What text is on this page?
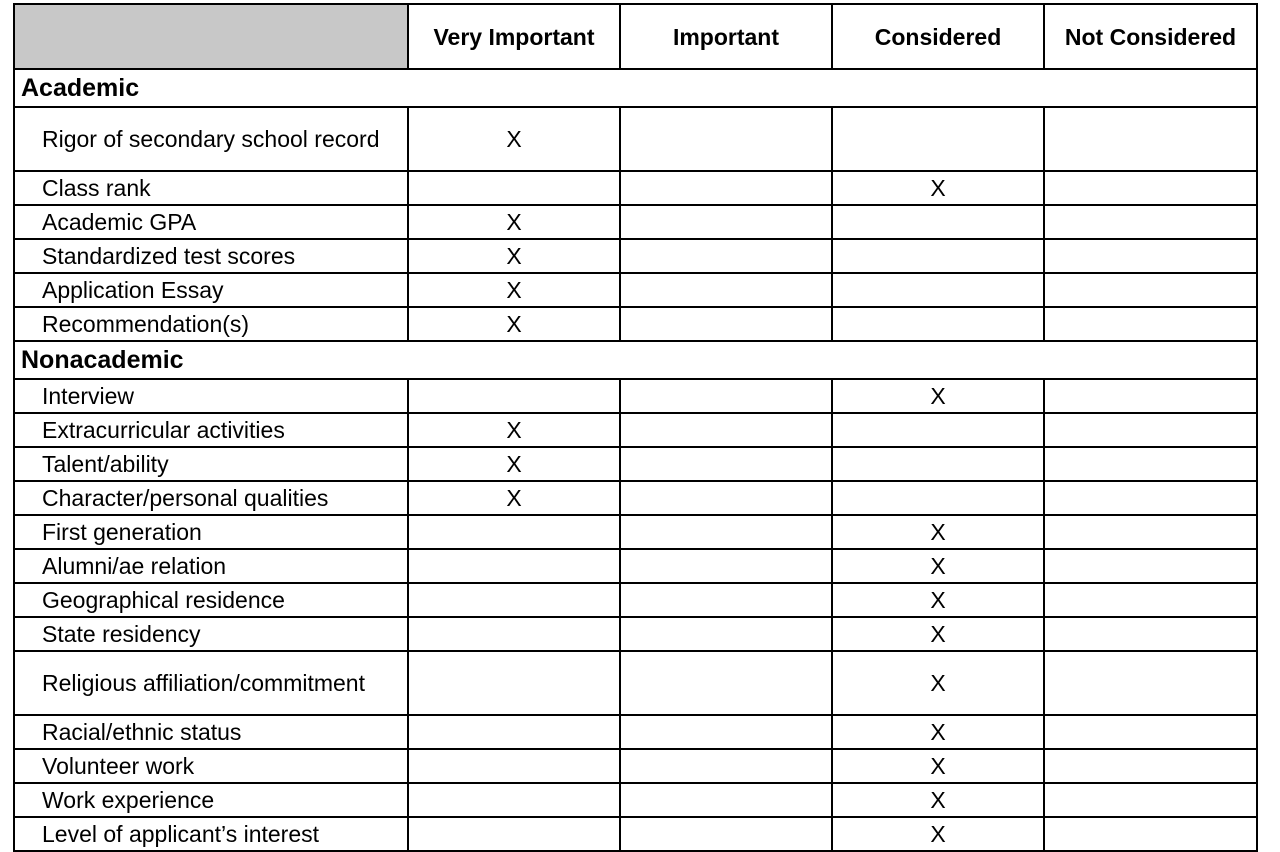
	Very Important	Important	Considered	Not Considered
Academic				
Rigor of secondary school record	X			
Class rank			X	
Academic GPA	X			
Standardized test scores	X			
Application Essay	X			
Recommendation(s)	X			
Nonacademic				
Interview			X	
Extracurricular activities	X			
Talent/ability	X			
Character/personal qualities	X			
First generation			X	
Alumni/ae relation			X	
Geographical residence			X	
State residency			X	
Religious affiliation/commitment			X	
Racial/ethnic status			X	
Volunteer work			X	
Work experience			X	
Level of applicant’s interest			X	
